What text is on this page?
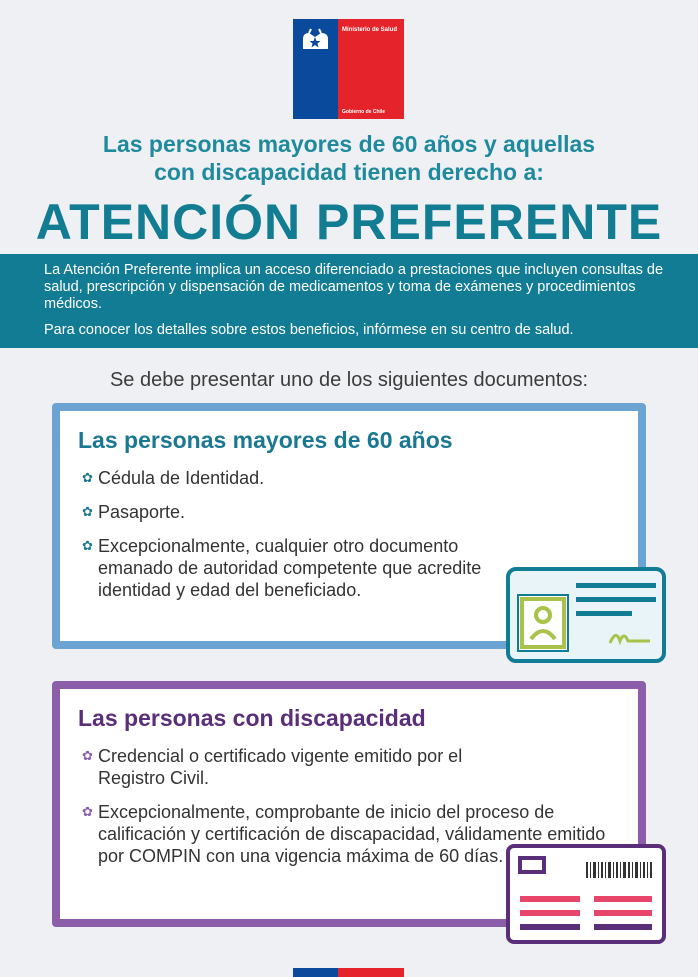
Ministerio de Salud
Gobierno de Chile
Las personas mayores de 60 años y aquellas
con discapacidad tienen derecho a:
ATENCIÓN PREFERENTE
La Atención Preferente implica un acceso diferenciado a prestaciones que incluyen consultas de salud, prescripción y dispensación de medicamentos y toma de exámenes y procedimientos médicos.
Para conocer los detalles sobre estos beneficios, infórmese en su centro de salud.
Se debe presentar uno de los siguientes documentos:
Las personas mayores de 60 años
✿ Cédula de Identidad.
✿ Pasaporte.
✿ Excepcionalmente, cualquier otro documento emanado de autoridad competente que acredite identidad y edad del beneficiado.
Las personas con discapacidad
✿ Credencial o certificado vigente emitido por el Registro Civil.
✿ Excepcionalmente, comprobante de inicio del proceso de calificación y certificación de discapacidad, válidamente emitido por COMPIN con una vigencia máxima de 60 días.
